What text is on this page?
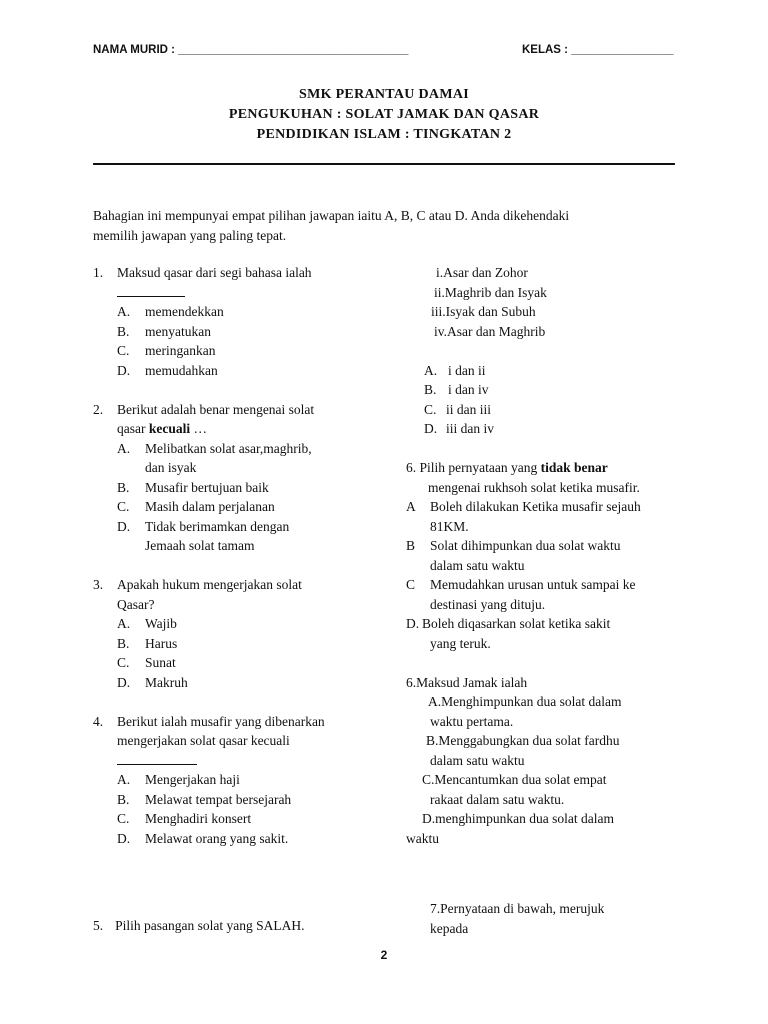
NAMA MURID : ____________________________________	KELAS : ________________
SMK PERANTAU DAMAI
PENGUKUHAN : SOLAT JAMAK DAN QASAR
PENDIDIKAN ISLAM : TINGKATAN 2
Bahagian ini mempunyai empat pilihan jawapan iaitu A, B, C atau D. Anda dikehendaki
memilih jawapan yang paling tepat.
1. Maksud qasar dari segi bahasa ialah
A. memendekkan
B. menyatukan
C. meringankan
D. memudahkan
2. Berikut adalah benar mengenai solat
qasar kecuali …
A. Melibatkan solat asar,maghrib,
dan isyak
B. Musafir bertujuan baik
C. Masih dalam perjalanan
D. Tidak berimamkan dengan
Jemaah solat tamam
3. Apakah hukum mengerjakan solat
Qasar?
A. Wajib
B. Harus
C. Sunat
D. Makruh
4. Berikut ialah musafir yang dibenarkan
mengerjakan solat qasar kecuali
A. Mengerjakan haji
B. Melawat tempat bersejarah
C. Menghadiri konsert
D. Melawat orang yang sakit.
5. Pilih pasangan solat yang SALAH.
i.Asar dan Zohor
ii.Maghrib dan Isyak
iii.Isyak dan Subuh
iv.Asar dan Maghrib
A. i dan ii
B. i dan iv
C. ii dan iii
D. iii dan iv
6. Pilih pernyataan yang tidak benar
mengenai rukhsoh solat ketika musafir.
A Boleh dilakukan Ketika musafir sejauh
81KM.
B Solat dihimpunkan dua solat waktu
dalam satu waktu
C Memudahkan urusan untuk sampai ke
destinasi yang dituju.
D. Boleh diqasarkan solat ketika sakit
yang teruk.
6.Maksud Jamak ialah
A.Menghimpunkan dua solat dalam
waktu pertama.
B.Menggabungkan dua solat fardhu
dalam satu waktu
C.Mencantumkan dua solat empat
rakaat dalam satu waktu.
D.menghimpunkan dua solat dalam
waktu
7.Pernyataan di bawah, merujuk
kepada
2
